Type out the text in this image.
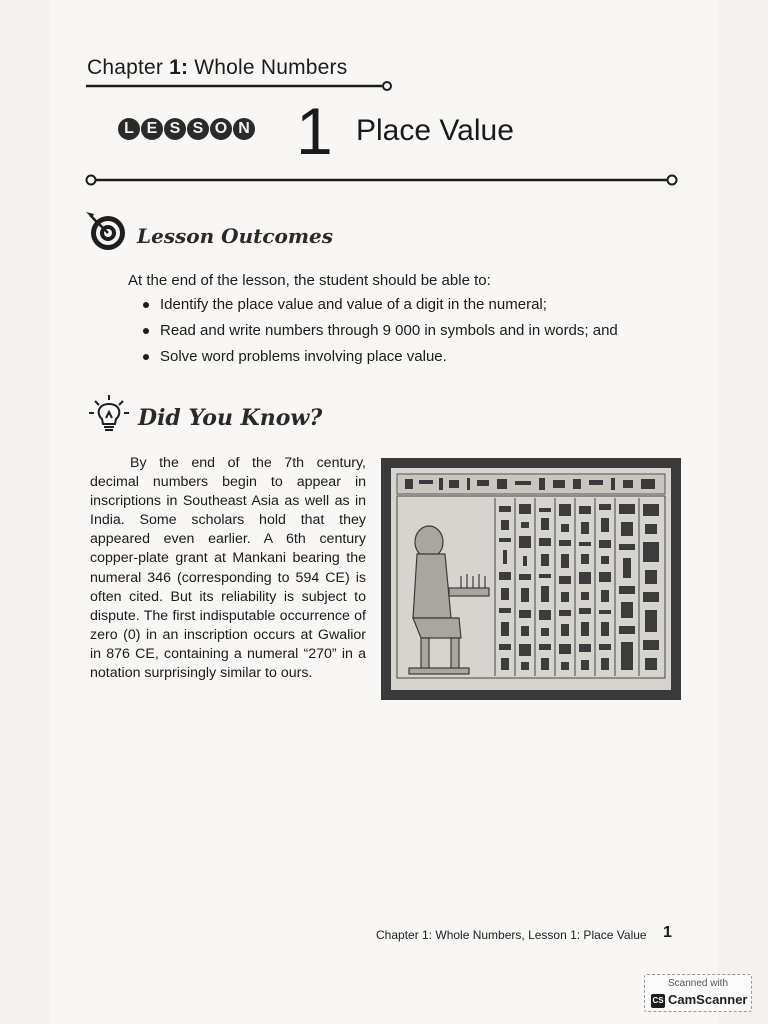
Chapter 1: Whole Numbers
L E S S O N 1 Place Value
Lesson Outcomes
At the end of the lesson, the student should be able to:
Identify the place value and value of a digit in the numeral;
Read and write numbers through 9 000 in symbols and in words; and
Solve word problems involving place value.
Did You Know?
By the end of the 7th century, decimal numbers begin to appear in inscriptions in Southeast Asia as well as in India. Some scholars hold that they appeared even earlier. A 6th century copper-plate grant at Mankani bearing the numeral 346 (corresponding to 594 CE) is often cited. But its reliability is subject to dispute. The first indisputable occurrence of zero (0) in an inscription occurs at Gwalior in 876 CE, containing a numeral “270” in a notation surprisingly similar to ours.
Chapter 1: Whole Numbers, Lesson 1: Place Value 1
Scanned with
CS CamScanner
